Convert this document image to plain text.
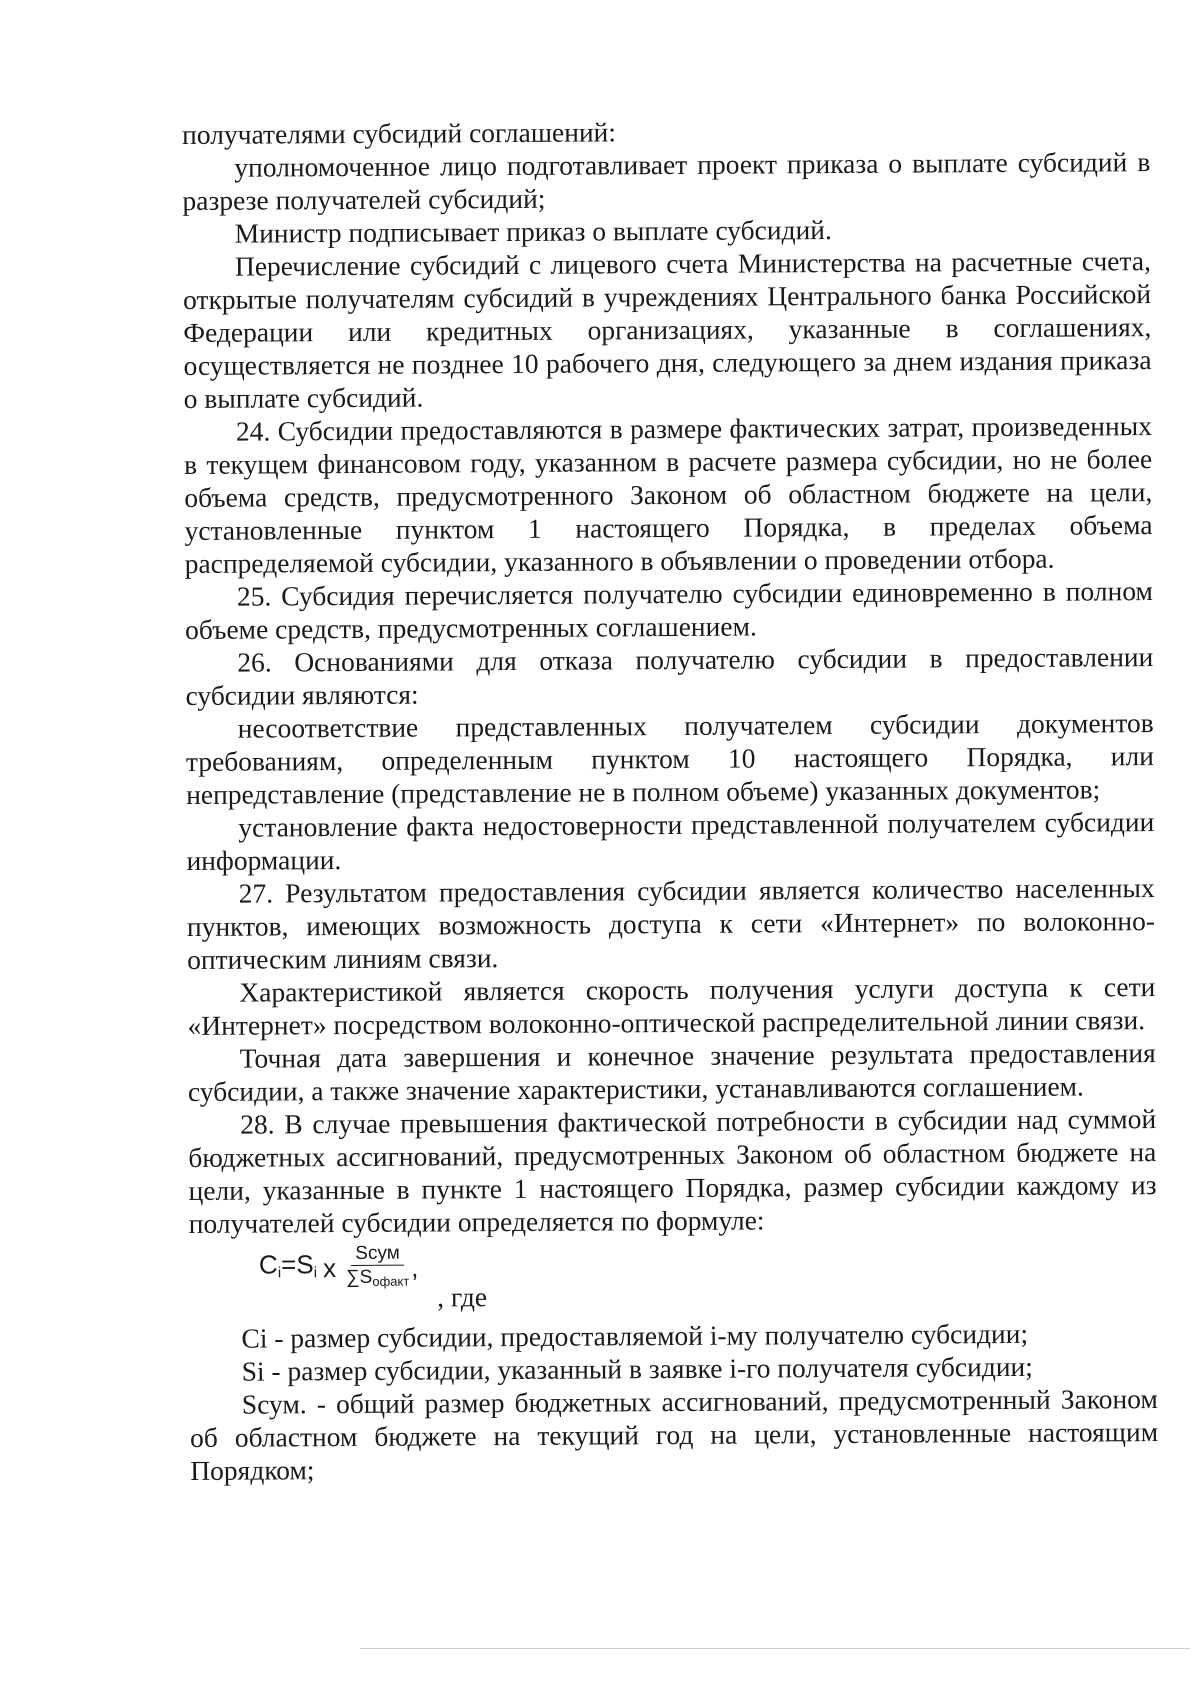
получателями субсидий соглашений:

уполномоченное лицо подготавливает проект приказа о выплате субсидий в разрезе получателей субсидий;

Министр подписывает приказ о выплате субсидий.

Перечисление субсидий с лицевого счета Министерства на расчетные счета, открытые получателям субсидий в учреждениях Центрального банка Российской Федерации или кредитных организациях, указанные в соглашениях, осуществляется не позднее 10 рабочего дня, следующего за днем издания приказа о выплате субсидий.

24. Субсидии предоставляются в размере фактических затрат, произведенных в текущем финансовом году, указанном в расчете размера субсидии, но не более объема средств, предусмотренного Законом об областном бюджете на цели, установленные пунктом 1 настоящего Порядка, в пределах объема распределяемой субсидии, указанного в объявлении о проведении отбора.

25. Субсидия перечисляется получателю субсидии единовременно в полном объеме средств, предусмотренных соглашением.

26. Основаниями для отказа получателю субсидии в предоставлении субсидии являются:

несоответствие представленных получателем субсидии документов требованиям, определенным пунктом 10 настоящего Порядка, или непредставление (представление не в полном объеме) указанных документов;

установление факта недостоверности представленной получателем субсидии информации.

27. Результатом предоставления субсидии является количество населенных пунктов, имеющих возможность доступа к сети «Интернет» по волоконно-оптическим линиям связи.

Характеристикой является скорость получения услуги доступа к сети «Интернет» посредством волоконно-оптической распределительной линии связи.

Точная дата завершения и конечное значение результата предоставления субсидии, а также значение характеристики, устанавливаются соглашением.

28. В случае превышения фактической потребности в субсидии над суммой бюджетных ассигнований, предусмотренных Законом об областном бюджете на цели, указанные в пункте 1 настоящего Порядка, размер субсидии каждому из получателей субсидии определяется по формуле:

$C_i=S_i$ x $\frac{\text{Sсум}}{\sum S_{офакт}}$ ,
, где

Ci - размер субсидии, предоставляемой i-му получателю субсидии;

Si - размер субсидии, указанный в заявке i-го получателя субсидии;

Sсум. - общий размер бюджетных ассигнований, предусмотренный Законом об областном бюджете на текущий год на цели, установленные настоящим Порядком;
